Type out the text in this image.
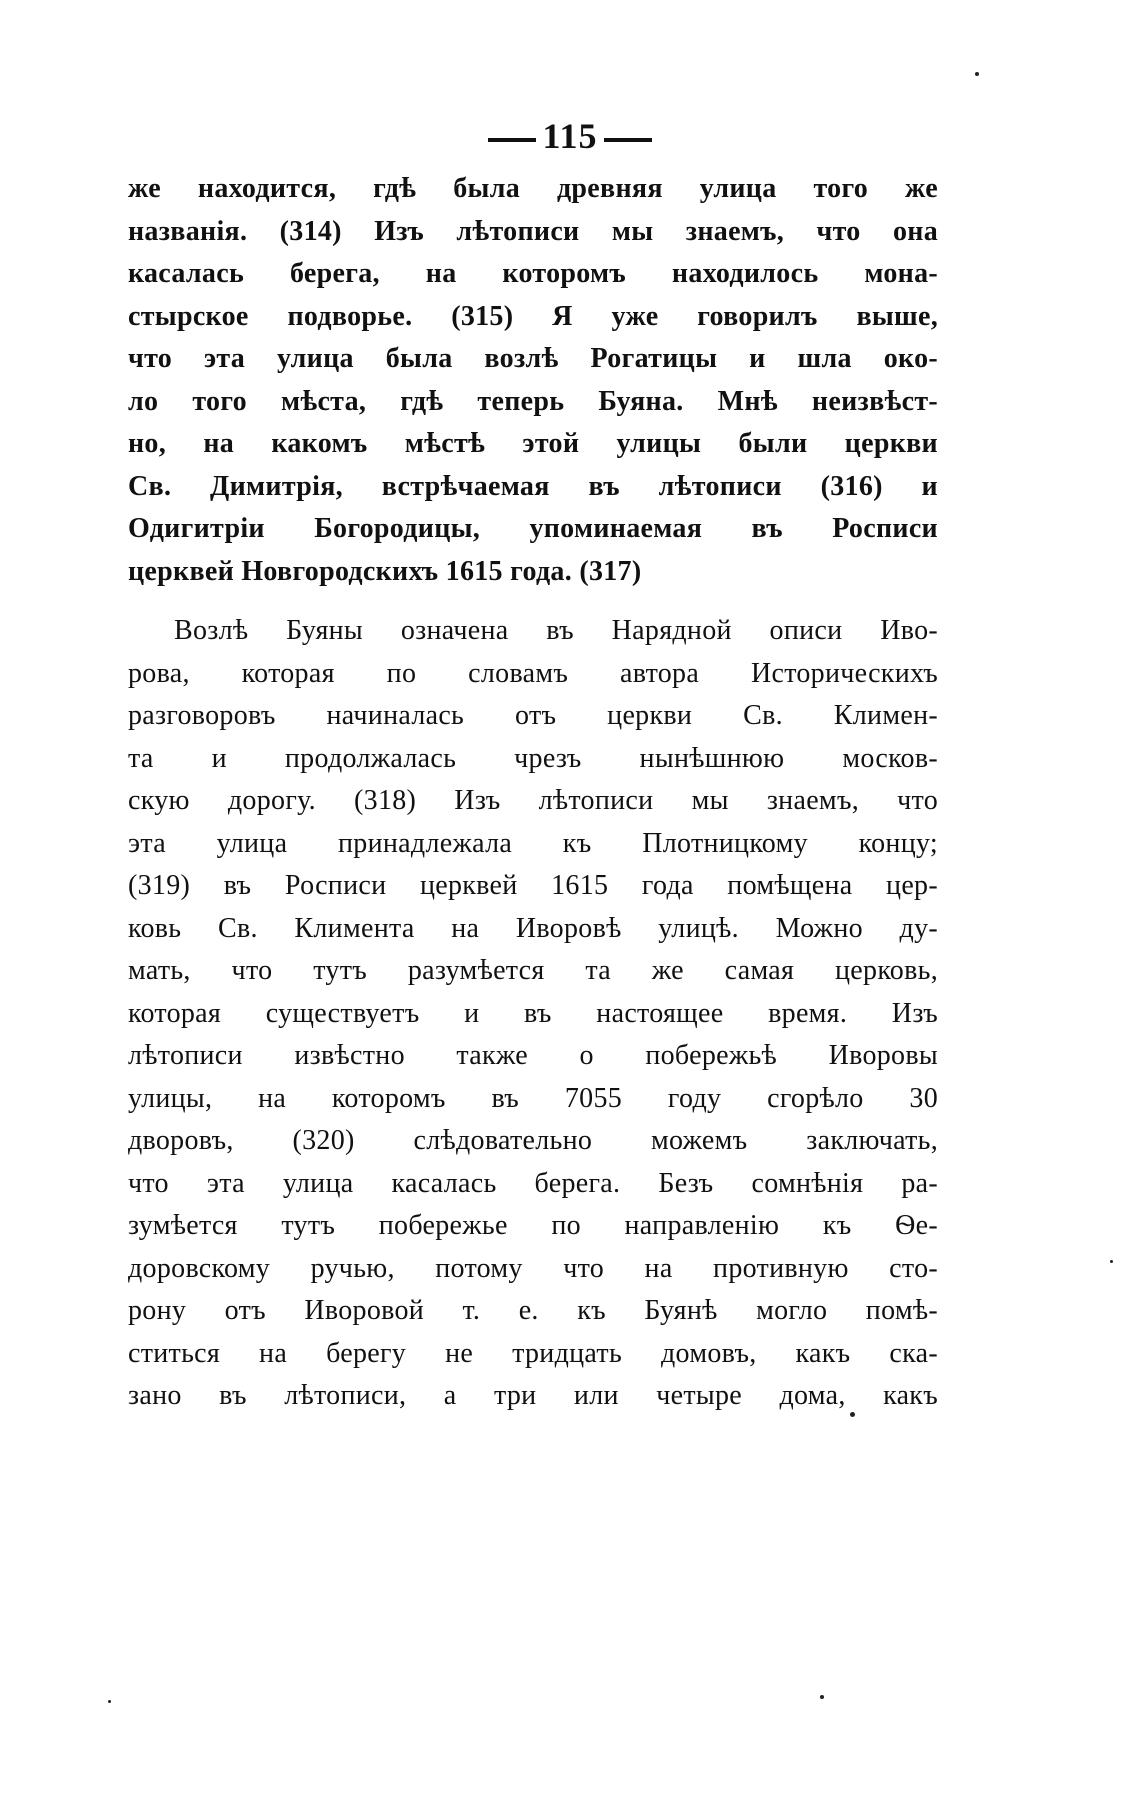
115
же находится, гдѣ была древняя улица того же
названія. (314) Изъ лѣтописи мы знаемъ, что она
касалась берега, на которомъ находилось мона-
стырское подворье. (315) Я уже говорилъ выше,
что эта улица была возлѣ Рогатицы и шла око-
ло того мѣста, гдѣ теперь Буяна. Мнѣ неизвѣст-
но, на какомъ мѣстѣ этой улицы были церкви
Св. Димитрія, встрѣчаемая въ лѣтописи (316) и
Одигитріи Богородицы, упоминаемая въ Росписи
церквей Новгородскихъ 1615 года. (317)
Возлѣ Буяны означена въ Нарядной описи Иво-
рова, которая по словамъ автора Историческихъ
разговоровъ начиналась отъ церкви Св. Климен-
та и продолжалась чрезъ нынѣшнюю москов-
скую дорогу. (318) Изъ лѣтописи мы знаемъ, что
эта улица принадлежала къ Плотницкому концу;
(319) въ Росписи церквей 1615 года помѣщена цер-
ковь Св. Климента на Иворовѣ улицѣ. Можно ду-
мать, что тутъ разумѣется та же самая церковь,
которая существуетъ и въ настоящее время. Изъ
лѣтописи извѣстно также о побережьѣ Иворовы
улицы, на которомъ въ 7055 году сгорѣло 30
дворовъ, (320) слѣдовательно можемъ заключать,
что эта улица касалась берега. Безъ сомнѣнія ра-
зумѣется тутъ побережье по направленію къ Ѳе-
доровскому ручью, потому что на противную сто-
рону отъ Иворовой т. е. къ Буянѣ могло помѣ-
ститься на берегу не тридцать домовъ, какъ ска-
зано въ лѣтописи, а три или четыре дома, какъ
